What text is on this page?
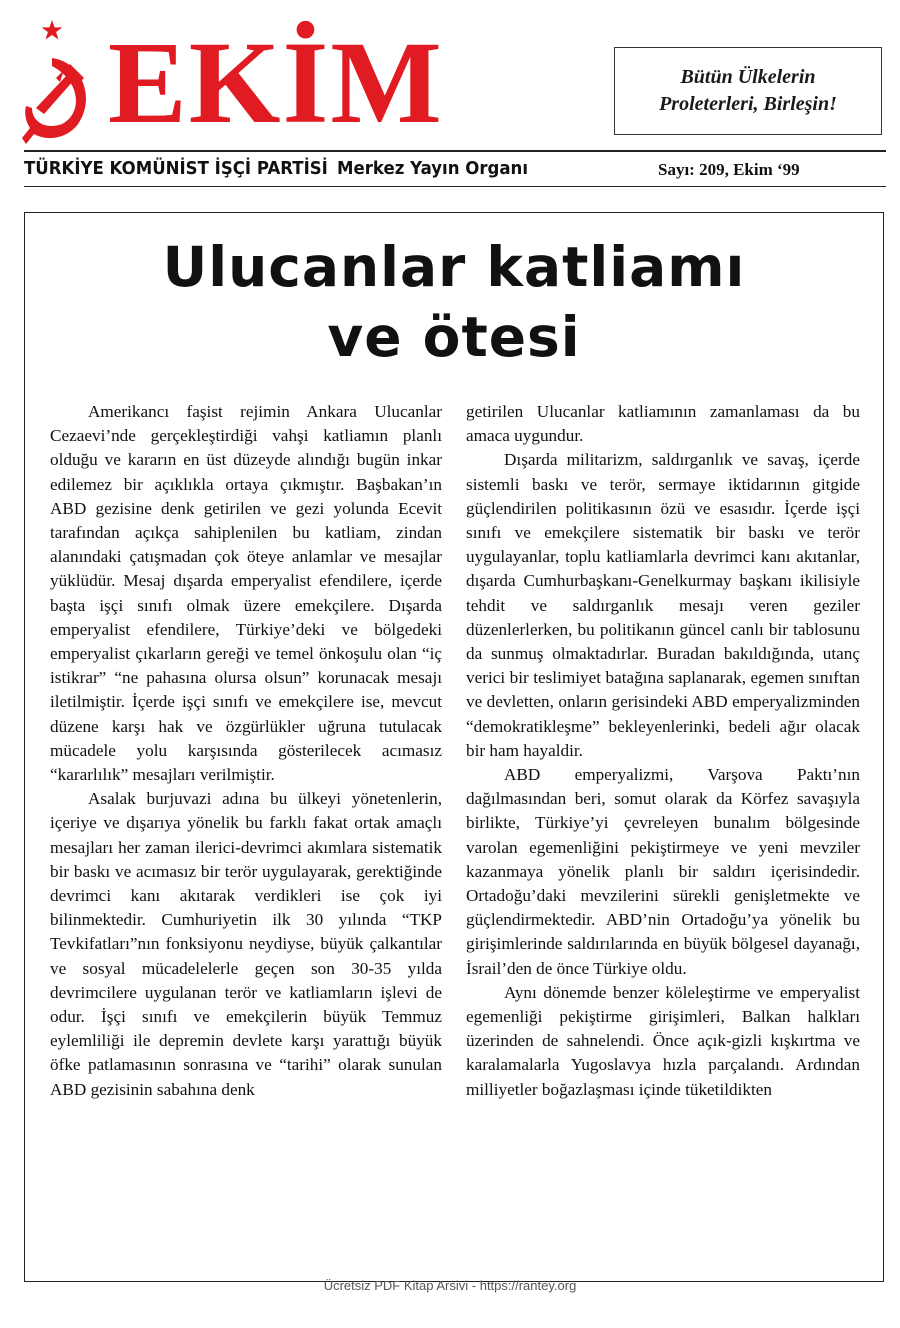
EKİM	Bütün Ülkelerin
Proleterleri, Birleşin!
TÜRKİYE KOMÜNİST İŞÇİ PARTİSİ Merkez Yayın Organı	Sayı: 209, Ekim ‘99
Ulucanlar katliamı
ve ötesi

Amerikancı faşist rejimin Ankara Ulucanlar Cezaevi’nde gerçekleştirdiği vahşi katliamın planlı olduğu ve kararın en üst düzeyde alındığı bugün inkar edilemez bir açıklıkla ortaya çıkmıştır. Başbakan’ın ABD gezisine denk getirilen ve gezi yolunda Ecevit tarafından açıkça sahiplenilen bu katliam, zindan alanındaki çatışmadan çok öteye anlamlar ve mesajlar yüklüdür. Mesaj dışarda emperyalist efendilere, içerde başta işçi sınıfı olmak üzere emekçilere. Dışarda emperyalist efendilere, Türkiye’deki ve bölgedeki emperyalist çıkarların gereği ve temel önkoşulu olan “iç istikrar” “ne pahasına olursa olsun” korunacak mesajı iletilmiştir. İçerde işçi sınıfı ve emekçilere ise, mevcut düzene karşı hak ve özgürlükler uğruna tutulacak mücadele yolu karşısında gösterilecek acımasız “kararlılık” mesajları verilmiştir.

Asalak burjuvazi adına bu ülkeyi yönetenlerin, içeriye ve dışarıya yönelik bu farklı fakat ortak amaçlı mesajları her zaman ilerici-devrimci akımlara sistematik bir baskı ve acımasız bir terör uygulayarak, gerektiğinde devrimci kanı akıtarak verdikleri ise çok iyi bilinmektedir. Cumhuriyetin ilk 30 yılında “TKP Tevkifatları”nın fonksiyonu neydiyse, büyük çalkantılar ve sosyal mücadelelerle geçen son 30-35 yılda devrimcilere uygulanan terör ve katliamların işlevi de odur. İşçi sınıfı ve emekçilerin büyük Temmuz eylemliliği ile depremin devlete karşı yarattığı büyük öfke patlamasının sonrasına ve “tarihi” olarak sunulan ABD gezisinin sabahına denk

getirilen Ulucanlar katliamının zamanlaması da bu amaca uygundur.

Dışarda militarizm, saldırganlık ve savaş, içerde sistemli baskı ve terör, sermaye iktidarının gitgide güçlendirilen politikasının özü ve esasıdır. İçerde işçi sınıfı ve emekçilere sistematik bir baskı ve terör uygulayanlar, toplu katliamlarla devrimci kanı akıtanlar, dışarda Cumhurbaşkanı-Genelkurmay başkanı ikilisiyle tehdit ve saldırganlık mesajı veren geziler düzenlerlerken, bu politikanın güncel canlı bir tablosunu da sunmuş olmaktadırlar. Buradan bakıldığında, utanç verici bir teslimiyet batağına saplanarak, egemen sınıftan ve devletten, onların gerisindeki ABD emperyalizminden “demokratikleşme” bekleyenlerinki, bedeli ağır olacak bir ham hayaldir.

ABD emperyalizmi, Varşova Paktı’nın dağılmasından beri, somut olarak da Körfez savaşıyla birlikte, Türkiye’yi çevreleyen bunalım bölgesinde varolan egemenliğini pekiştirmeye ve yeni mevziler kazanmaya yönelik planlı bir saldırı içerisindedir. Ortadoğu’daki mevzilerini sürekli genişletmekte ve güçlendirmektedir. ABD’nin Ortadoğu’ya yönelik bu girişimlerinde saldırılarında en büyük bölgesel dayanağı, İsrail’den de önce Türkiye oldu.

Aynı dönemde benzer köleleştirme ve emperyalist egemenliği pekiştirme girişimleri, Balkan halkları üzerinden de sahnelendi. Önce açık-gizli kışkırtma ve karalamalarla Yugoslavya hızla parçalandı. Ardından milliyetler boğazlaşması içinde tüketildikten

Ücretsiz PDF Kitap Arsivi - https://rantey.org
